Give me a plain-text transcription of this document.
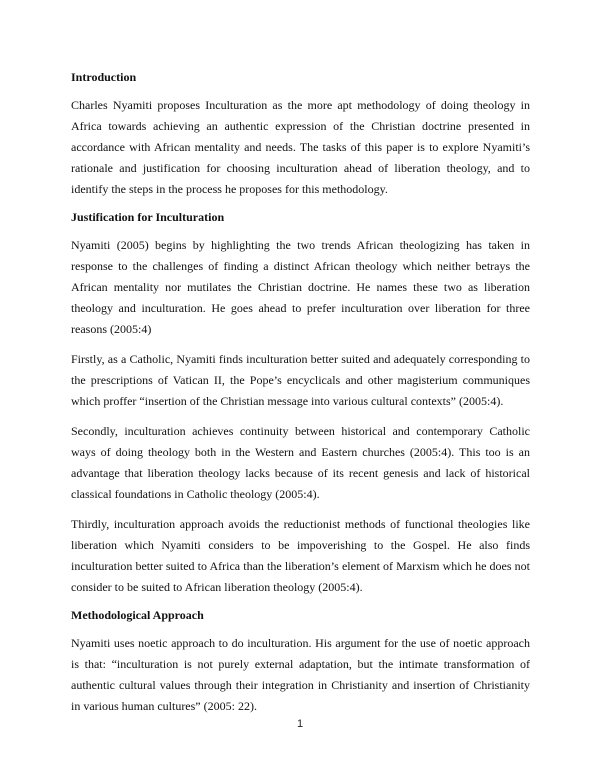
Introduction

Charles Nyamiti proposes Inculturation as the more apt methodology of doing theology in Africa towards achieving an authentic expression of the Christian doctrine presented in accordance with African mentality and needs. The tasks of this paper is to explore Nyamiti’s rationale and justification for choosing inculturation ahead of liberation theology, and to identify the steps in the process he proposes for this methodology.

Justification for Inculturation

Nyamiti (2005) begins by highlighting the two trends African theologizing has taken in response to the challenges of finding a distinct African theology which neither betrays the African mentality nor mutilates the Christian doctrine. He names these two as liberation theology and inculturation. He goes ahead to prefer inculturation over liberation for three reasons (2005:4)

Firstly, as a Catholic, Nyamiti finds inculturation better suited and adequately corresponding to the prescriptions of Vatican II, the Pope’s encyclicals and other magisterium communiques which proffer “insertion of the Christian message into various cultural contexts” (2005:4).

Secondly, inculturation achieves continuity between historical and contemporary Catholic ways of doing theology both in the Western and Eastern churches (2005:4). This too is an advantage that liberation theology lacks because of its recent genesis and lack of historical classical foundations in Catholic theology (2005:4).

Thirdly, inculturation approach avoids the reductionist methods of functional theologies like liberation which Nyamiti considers to be impoverishing to the Gospel. He also finds inculturation better suited to Africa than the liberation’s element of Marxism which he does not consider to be suited to African liberation theology (2005:4).

Methodological Approach

Nyamiti uses noetic approach to do inculturation. His argument for the use of noetic approach is that: “inculturation is not purely external adaptation, but the intimate transformation of authentic cultural values through their integration in Christianity and insertion of Christianity in various human cultures” (2005: 22).

1
